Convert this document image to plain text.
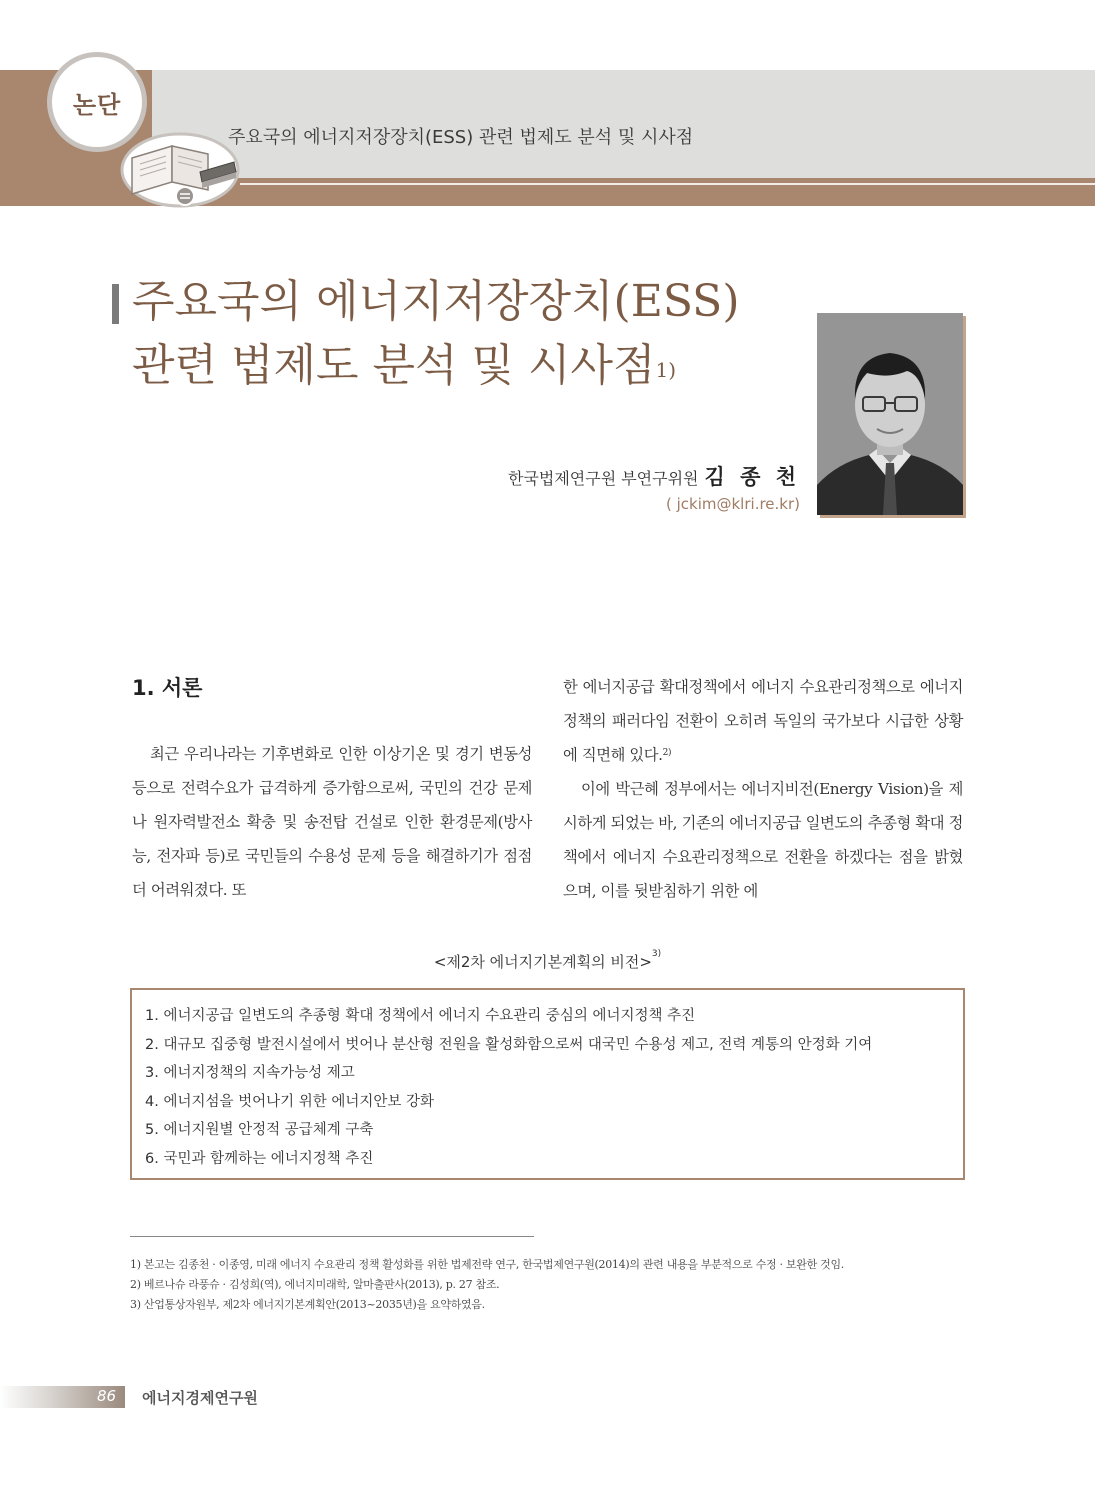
논단
주요국의 에너지저장장치(ESS) 관련 법제도 분석 및 시사점
주요국의 에너지저장장치(ESS)
관련 법제도 분석 및 시사점$^{1)}$
한국법제연구원 부연구위원 김 종 천
( jckim@klri.re.kr)
1. 서론

최근 우리나라는 기후변화로 인한 이상기온 및 경기 변동성 등으로 전력수요가 급격하게 증가함으로써, 국민의 건강 문제나 원자력발전소 확충 및 송전탑 건설로 인한 환경문제(방사능, 전자파 등)로 국민들의 수용성 문제 등을 해결하기가 점점 더 어려워졌다. 또

한 에너지공급 확대정책에서 에너지 수요관리정책으로 에너지정책의 패러다임 전환이 오히려 독일의 국가보다 시급한 상황에 직면해 있다.$^{2)}$

이에 박근혜 정부에서는 에너지비전(Energy Vision)을 제시하게 되었는 바, 기존의 에너지공급 일변도의 추종형 확대 정책에서 에너지 수요관리정책으로 전환을 하겠다는 점을 밝혔으며, 이를 뒷받침하기 위한 에

<제2차 에너지기본계획의 비전>$^{3)}$
1. 에너지공급 일변도의 추종형 확대 정책에서 에너지 수요관리 중심의 에너지정책 추진
2. 대규모 집중형 발전시설에서 벗어나 분산형 전원을 활성화함으로써 대국민 수용성 제고, 전력 계통의 안정화 기여
3. 에너지정책의 지속가능성 제고
4. 에너지섬을 벗어나기 위한 에너지안보 강화
5. 에너지원별 안정적 공급체계 구축
6. 국민과 함께하는 에너지정책 추진
1) 본고는 김종천 · 이종영, 미래 에너지 수요관리 정책 활성화를 위한 법제전략 연구, 한국법제연구원(2014)의 관련 내용을 부분적으로 수정 · 보완한 것임.
2) 베르나슈 라풍슈 · 김성희(역), 에너지미래학, 알마출판사(2013), p. 27 참조.
3) 산업통상자원부, 제2차 에너지기본계획안(2013~2035년)을 요약하였음.
86	에너지경제연구원
